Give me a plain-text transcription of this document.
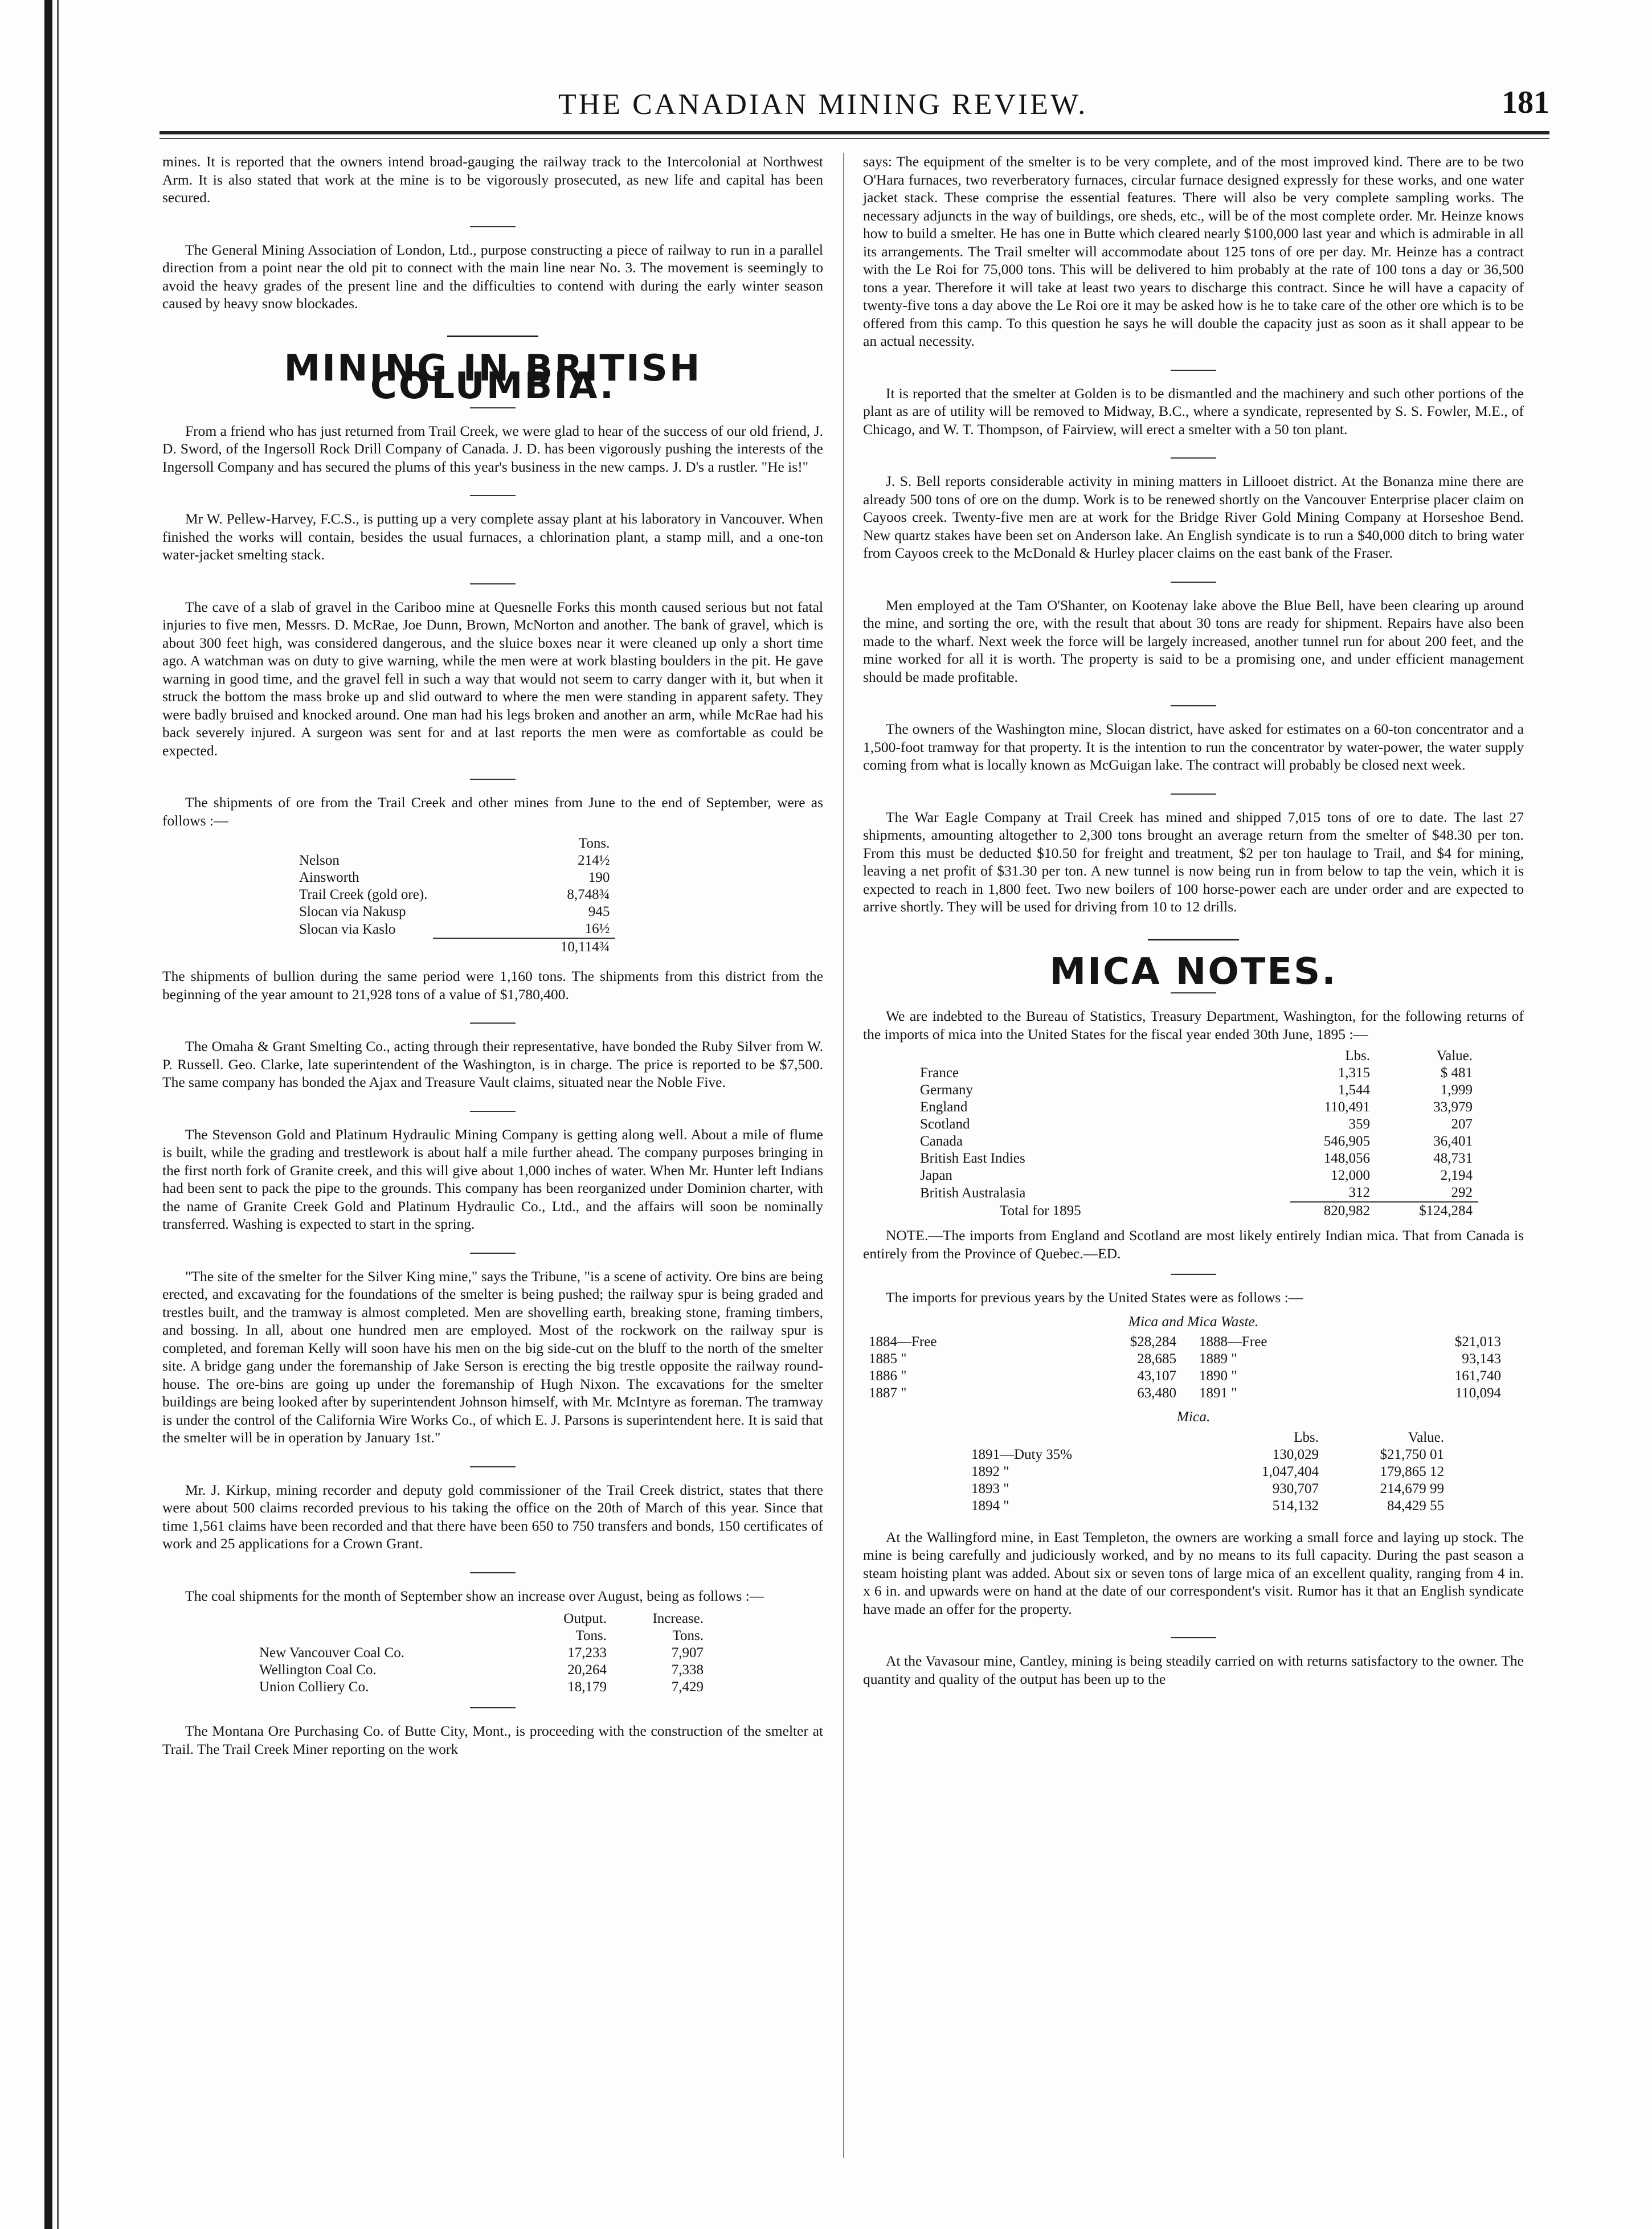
THE CANADIAN MINING REVIEW.	181

mines. It is reported that the owners intend broad-gauging the railway track to the Intercolonial at Northwest Arm. It is also stated that work at the mine is to be vigorously prosecuted, as new life and capital has been secured.

The General Mining Association of London, Ltd., purpose constructing a piece of railway to run in a parallel direction from a point near the old pit to connect with the main line near No. 3. The movement is seemingly to avoid the heavy grades of the present line and the difficulties to contend with during the early winter season caused by heavy snow blockades.

MINING IN BRITISH COLUMBIA.

From a friend who has just returned from Trail Creek, we were glad to hear of the success of our old friend, J. D. Sword, of the Ingersoll Rock Drill Company of Canada. J. D. has been vigorously pushing the interests of the Ingersoll Company and has secured the plums of this year's business in the new camps. J. D's a rustler. "He is!"

Mr W. Pellew-Harvey, F.C.S., is putting up a very complete assay plant at his laboratory in Vancouver. When finished the works will contain, besides the usual furnaces, a chlorination plant, a stamp mill, and a one-ton water-jacket smelting stack.

The cave of a slab of gravel in the Cariboo mine at Quesnelle Forks this month caused serious but not fatal injuries to five men, Messrs. D. McRae, Joe Dunn, Brown, McNorton and another. The bank of gravel, which is about 300 feet high, was considered dangerous, and the sluice boxes near it were cleaned up only a short time ago. A watchman was on duty to give warning, while the men were at work blasting boulders in the pit. He gave warning in good time, and the gravel fell in such a way that would not seem to carry danger with it, but when it struck the bottom the mass broke up and slid outward to where the men were standing in apparent safety. They were badly bruised and knocked around. One man had his legs broken and another an arm, while McRae had his back severely injured. A surgeon was sent for and at last reports the men were as comfortable as could be expected.

The shipments of ore from the Trail Creek and other mines from June to the end of September, were as follows :—

	Tons.
Nelson	214½
Ainsworth	190
Trail Creek (gold ore).	8,748¾
Slocan via Nakusp	945
Slocan via Kaslo	16½
	10,114¾

The shipments of bullion during the same period were 1,160 tons. The shipments from this district from the beginning of the year amount to 21,928 tons of a value of $1,780,400.

The Omaha & Grant Smelting Co., acting through their representative, have bonded the Ruby Silver from W. P. Russell. Geo. Clarke, late superintendent of the Washington, is in charge. The price is reported to be $7,500. The same company has bonded the Ajax and Treasure Vault claims, situated near the Noble Five.

The Stevenson Gold and Platinum Hydraulic Mining Company is getting along well. About a mile of flume is built, while the grading and trestlework is about half a mile further ahead. The company purposes bringing in the first north fork of Granite creek, and this will give about 1,000 inches of water. When Mr. Hunter left Indians had been sent to pack the pipe to the grounds. This company has been reorganized under Dominion charter, with the name of Granite Creek Gold and Platinum Hydraulic Co., Ltd., and the affairs will soon be nominally transferred. Washing is expected to start in the spring.

"The site of the smelter for the Silver King mine," says the Tribune, "is a scene of activity. Ore bins are being erected, and excavating for the foundations of the smelter is being pushed; the railway spur is being graded and trestles built, and the tramway is almost completed. Men are shovelling earth, breaking stone, framing timbers, and bossing. In all, about one hundred men are employed. Most of the rockwork on the railway spur is completed, and foreman Kelly will soon have his men on the big side-cut on the bluff to the north of the smelter site. A bridge gang under the foremanship of Jake Serson is erecting the big trestle opposite the railway round-house. The ore-bins are going up under the foremanship of Hugh Nixon. The excavations for the smelter buildings are being looked after by superintendent Johnson himself, with Mr. McIntyre as foreman. The tramway is under the control of the California Wire Works Co., of which E. J. Parsons is superintendent here. It is said that the smelter will be in operation by January 1st."

Mr. J. Kirkup, mining recorder and deputy gold commissioner of the Trail Creek district, states that there were about 500 claims recorded previous to his taking the office on the 20th of March of this year. Since that time 1,561 claims have been recorded and that there have been 650 to 750 transfers and bonds, 150 certificates of work and 25 applications for a Crown Grant.

The coal shipments for the month of September show an increase over August, being as follows :—

	Output.	Increase.
	Tons.	Tons.
New Vancouver Coal Co.	17,233	7,907
Wellington Coal Co.	20,264	7,338
Union Colliery Co.	18,179	7,429

The Montana Ore Purchasing Co. of Butte City, Mont., is proceeding with the construction of the smelter at Trail. The Trail Creek Miner reporting on the work

says: The equipment of the smelter is to be very complete, and of the most improved kind. There are to be two O'Hara furnaces, two reverberatory furnaces, circular furnace designed expressly for these works, and one water jacket stack. These comprise the essential features. There will also be very complete sampling works. The necessary adjuncts in the way of buildings, ore sheds, etc., will be of the most complete order. Mr. Heinze knows how to build a smelter. He has one in Butte which cleared nearly $100,000 last year and which is admirable in all its arrangements. The Trail smelter will accommodate about 125 tons of ore per day. Mr. Heinze has a contract with the Le Roi for 75,000 tons. This will be delivered to him probably at the rate of 100 tons a day or 36,500 tons a year. Therefore it will take at least two years to discharge this contract. Since he will have a capacity of twenty-five tons a day above the Le Roi ore it may be asked how is he to take care of the other ore which is to be offered from this camp. To this question he says he will double the capacity just as soon as it shall appear to be an actual necessity.

It is reported that the smelter at Golden is to be dismantled and the machinery and such other portions of the plant as are of utility will be removed to Midway, B.C., where a syndicate, represented by S. S. Fowler, M.E., of Chicago, and W. T. Thompson, of Fairview, will erect a smelter with a 50 ton plant.

J. S. Bell reports considerable activity in mining matters in Lillooet district. At the Bonanza mine there are already 500 tons of ore on the dump. Work is to be renewed shortly on the Vancouver Enterprise placer claim on Cayoos creek. Twenty-five men are at work for the Bridge River Gold Mining Company at Horseshoe Bend. New quartz stakes have been set on Anderson lake. An English syndicate is to run a $40,000 ditch to bring water from Cayoos creek to the McDonald & Hurley placer claims on the east bank of the Fraser.

Men employed at the Tam O'Shanter, on Kootenay lake above the Blue Bell, have been clearing up around the mine, and sorting the ore, with the result that about 30 tons are ready for shipment. Repairs have also been made to the wharf. Next week the force will be largely increased, another tunnel run for about 200 feet, and the mine worked for all it is worth. The property is said to be a promising one, and under efficient management should be made profitable.

The owners of the Washington mine, Slocan district, have asked for estimates on a 60-ton concentrator and a 1,500-foot tramway for that property. It is the intention to run the concentrator by water-power, the water supply coming from what is locally known as McGuigan lake. The contract will probably be closed next week.

The War Eagle Company at Trail Creek has mined and shipped 7,015 tons of ore to date. The last 27 shipments, amounting altogether to 2,300 tons brought an average return from the smelter of $48.30 per ton. From this must be deducted $10.50 for freight and treatment, $2 per ton haulage to Trail, and $4 for mining, leaving a net profit of $31.30 per ton. A new tunnel is now being run in from below to tap the vein, which it is expected to reach in 1,800 feet. Two new boilers of 100 horse-power each are under order and are expected to arrive shortly. They will be used for driving from 10 to 12 drills.

MICA NOTES.

We are indebted to the Bureau of Statistics, Treasury Department, Washington, for the following returns of the imports of mica into the United States for the fiscal year ended 30th June, 1895 :—

	Lbs.	Value.
France	1,315	$ 481
Germany	1,544	1,999
England	110,491	33,979
Scotland	359	207
Canada	546,905	36,401
British East Indies	148,056	48,731
Japan	12,000	2,194
British Australasia	312	292
Total for 1895	820,982	$124,284

NOTE.—The imports from England and Scotland are most likely entirely Indian mica. That from Canada is entirely from the Province of Quebec.—ED.

The imports for previous years by the United States were as follows :—

Mica and Mica Waste.
1884—Free	$28,284	1888—Free	$21,013
1885 "	28,685	1889 "	93,143
1886 "	43,107	1890 "	161,740
1887 "	63,480	1891 "	110,094
Mica.
	Lbs.	Value.
1891—Duty 35%	130,029	$21,750 01
1892 "	1,047,404	179,865 12
1893 "	930,707	214,679 99
1894 "	514,132	84,429 55

At the Wallingford mine, in East Templeton, the owners are working a small force and laying up stock. The mine is being carefully and judiciously worked, and by no means to its full capacity. During the past season a steam hoisting plant was added. About six or seven tons of large mica of an excellent quality, ranging from 4 in. x 6 in. and upwards were on hand at the date of our correspondent's visit. Rumor has it that an English syndicate have made an offer for the property.

At the Vavasour mine, Cantley, mining is being steadily carried on with returns satisfactory to the owner. The quantity and quality of the output has been up to the
